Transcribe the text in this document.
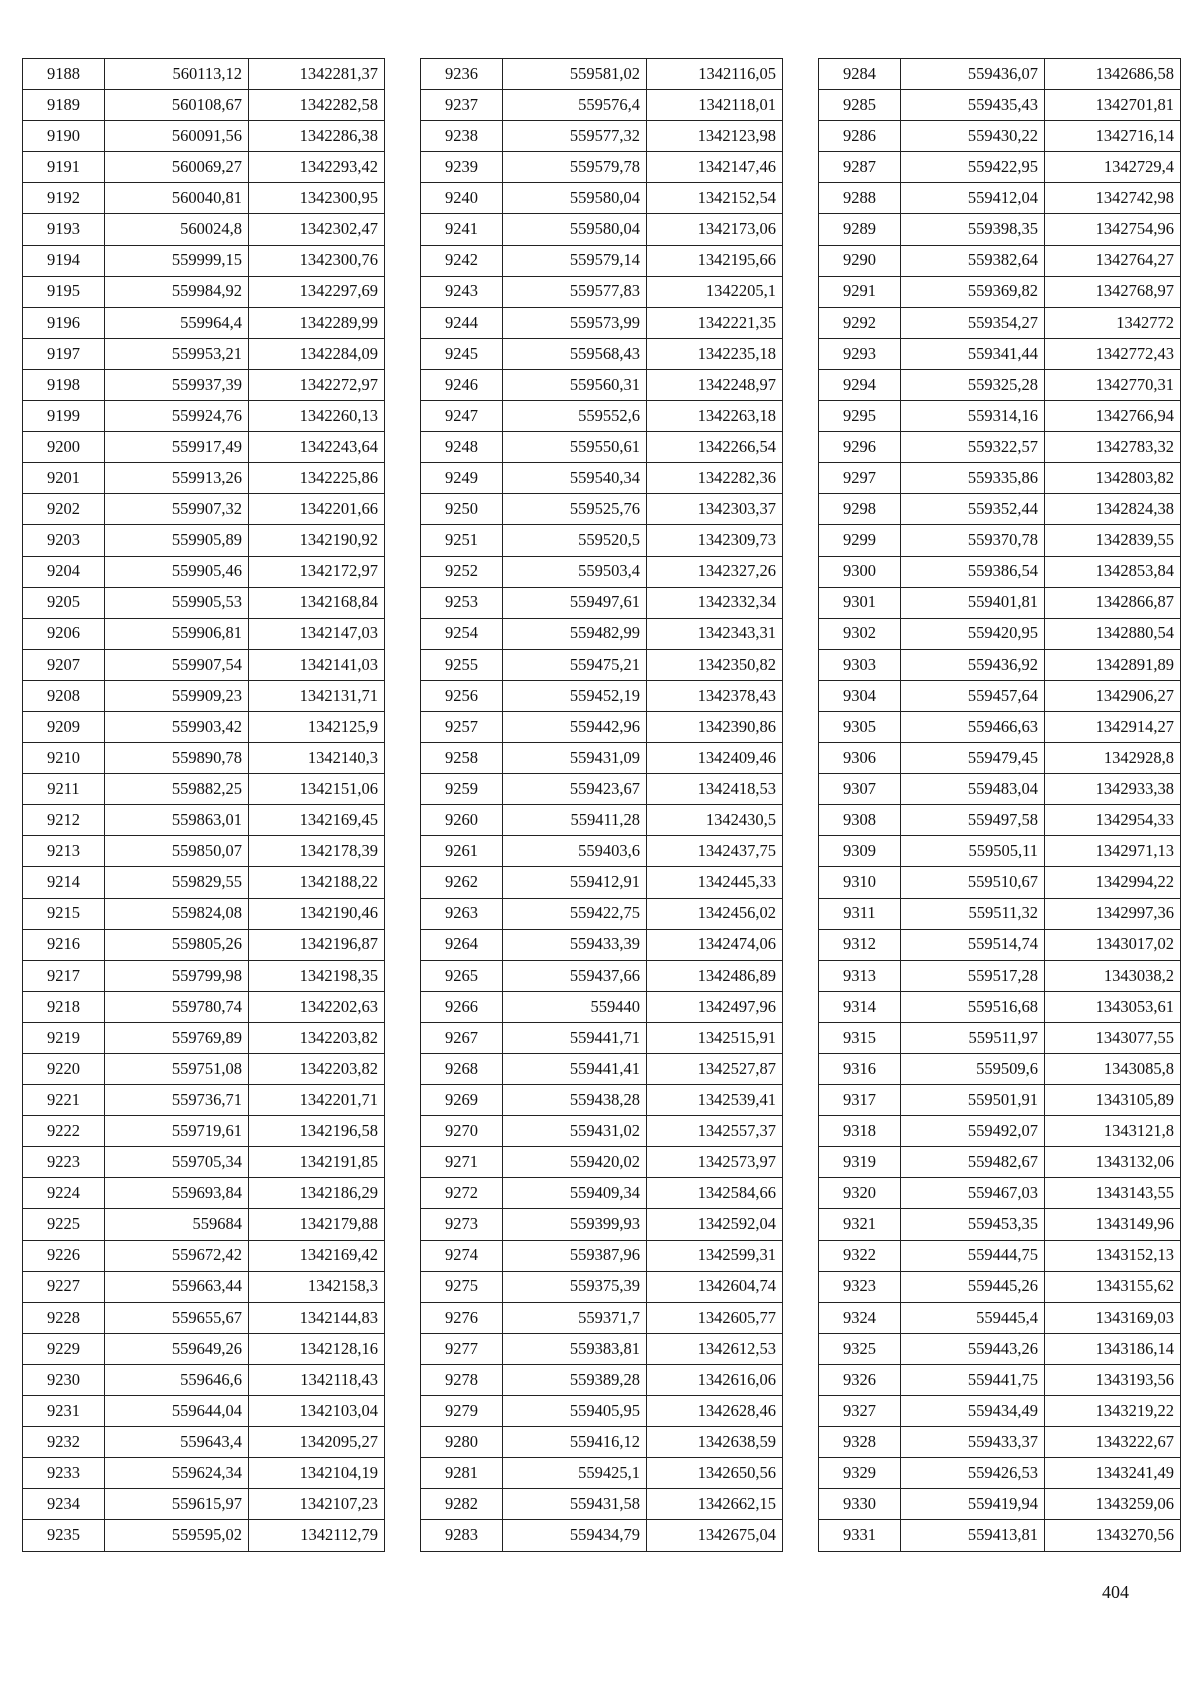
9188	560113,12	1342281,37
9189	560108,67	1342282,58
9190	560091,56	1342286,38
9191	560069,27	1342293,42
9192	560040,81	1342300,95
9193	560024,8	1342302,47
9194	559999,15	1342300,76
9195	559984,92	1342297,69
9196	559964,4	1342289,99
9197	559953,21	1342284,09
9198	559937,39	1342272,97
9199	559924,76	1342260,13
9200	559917,49	1342243,64
9201	559913,26	1342225,86
9202	559907,32	1342201,66
9203	559905,89	1342190,92
9204	559905,46	1342172,97
9205	559905,53	1342168,84
9206	559906,81	1342147,03
9207	559907,54	1342141,03
9208	559909,23	1342131,71
9209	559903,42	1342125,9
9210	559890,78	1342140,3
9211	559882,25	1342151,06
9212	559863,01	1342169,45
9213	559850,07	1342178,39
9214	559829,55	1342188,22
9215	559824,08	1342190,46
9216	559805,26	1342196,87
9217	559799,98	1342198,35
9218	559780,74	1342202,63
9219	559769,89	1342203,82
9220	559751,08	1342203,82
9221	559736,71	1342201,71
9222	559719,61	1342196,58
9223	559705,34	1342191,85
9224	559693,84	1342186,29
9225	559684	1342179,88
9226	559672,42	1342169,42
9227	559663,44	1342158,3
9228	559655,67	1342144,83
9229	559649,26	1342128,16
9230	559646,6	1342118,43
9231	559644,04	1342103,04
9232	559643,4	1342095,27
9233	559624,34	1342104,19
9234	559615,97	1342107,23
9235	559595,02	1342112,79
9236	559581,02	1342116,05
9237	559576,4	1342118,01
9238	559577,32	1342123,98
9239	559579,78	1342147,46
9240	559580,04	1342152,54
9241	559580,04	1342173,06
9242	559579,14	1342195,66
9243	559577,83	1342205,1
9244	559573,99	1342221,35
9245	559568,43	1342235,18
9246	559560,31	1342248,97
9247	559552,6	1342263,18
9248	559550,61	1342266,54
9249	559540,34	1342282,36
9250	559525,76	1342303,37
9251	559520,5	1342309,73
9252	559503,4	1342327,26
9253	559497,61	1342332,34
9254	559482,99	1342343,31
9255	559475,21	1342350,82
9256	559452,19	1342378,43
9257	559442,96	1342390,86
9258	559431,09	1342409,46
9259	559423,67	1342418,53
9260	559411,28	1342430,5
9261	559403,6	1342437,75
9262	559412,91	1342445,33
9263	559422,75	1342456,02
9264	559433,39	1342474,06
9265	559437,66	1342486,89
9266	559440	1342497,96
9267	559441,71	1342515,91
9268	559441,41	1342527,87
9269	559438,28	1342539,41
9270	559431,02	1342557,37
9271	559420,02	1342573,97
9272	559409,34	1342584,66
9273	559399,93	1342592,04
9274	559387,96	1342599,31
9275	559375,39	1342604,74
9276	559371,7	1342605,77
9277	559383,81	1342612,53
9278	559389,28	1342616,06
9279	559405,95	1342628,46
9280	559416,12	1342638,59
9281	559425,1	1342650,56
9282	559431,58	1342662,15
9283	559434,79	1342675,04
9284	559436,07	1342686,58
9285	559435,43	1342701,81
9286	559430,22	1342716,14
9287	559422,95	1342729,4
9288	559412,04	1342742,98
9289	559398,35	1342754,96
9290	559382,64	1342764,27
9291	559369,82	1342768,97
9292	559354,27	1342772
9293	559341,44	1342772,43
9294	559325,28	1342770,31
9295	559314,16	1342766,94
9296	559322,57	1342783,32
9297	559335,86	1342803,82
9298	559352,44	1342824,38
9299	559370,78	1342839,55
9300	559386,54	1342853,84
9301	559401,81	1342866,87
9302	559420,95	1342880,54
9303	559436,92	1342891,89
9304	559457,64	1342906,27
9305	559466,63	1342914,27
9306	559479,45	1342928,8
9307	559483,04	1342933,38
9308	559497,58	1342954,33
9309	559505,11	1342971,13
9310	559510,67	1342994,22
9311	559511,32	1342997,36
9312	559514,74	1343017,02
9313	559517,28	1343038,2
9314	559516,68	1343053,61
9315	559511,97	1343077,55
9316	559509,6	1343085,8
9317	559501,91	1343105,89
9318	559492,07	1343121,8
9319	559482,67	1343132,06
9320	559467,03	1343143,55
9321	559453,35	1343149,96
9322	559444,75	1343152,13
9323	559445,26	1343155,62
9324	559445,4	1343169,03
9325	559443,26	1343186,14
9326	559441,75	1343193,56
9327	559434,49	1343219,22
9328	559433,37	1343222,67
9329	559426,53	1343241,49
9330	559419,94	1343259,06
9331	559413,81	1343270,56
404
